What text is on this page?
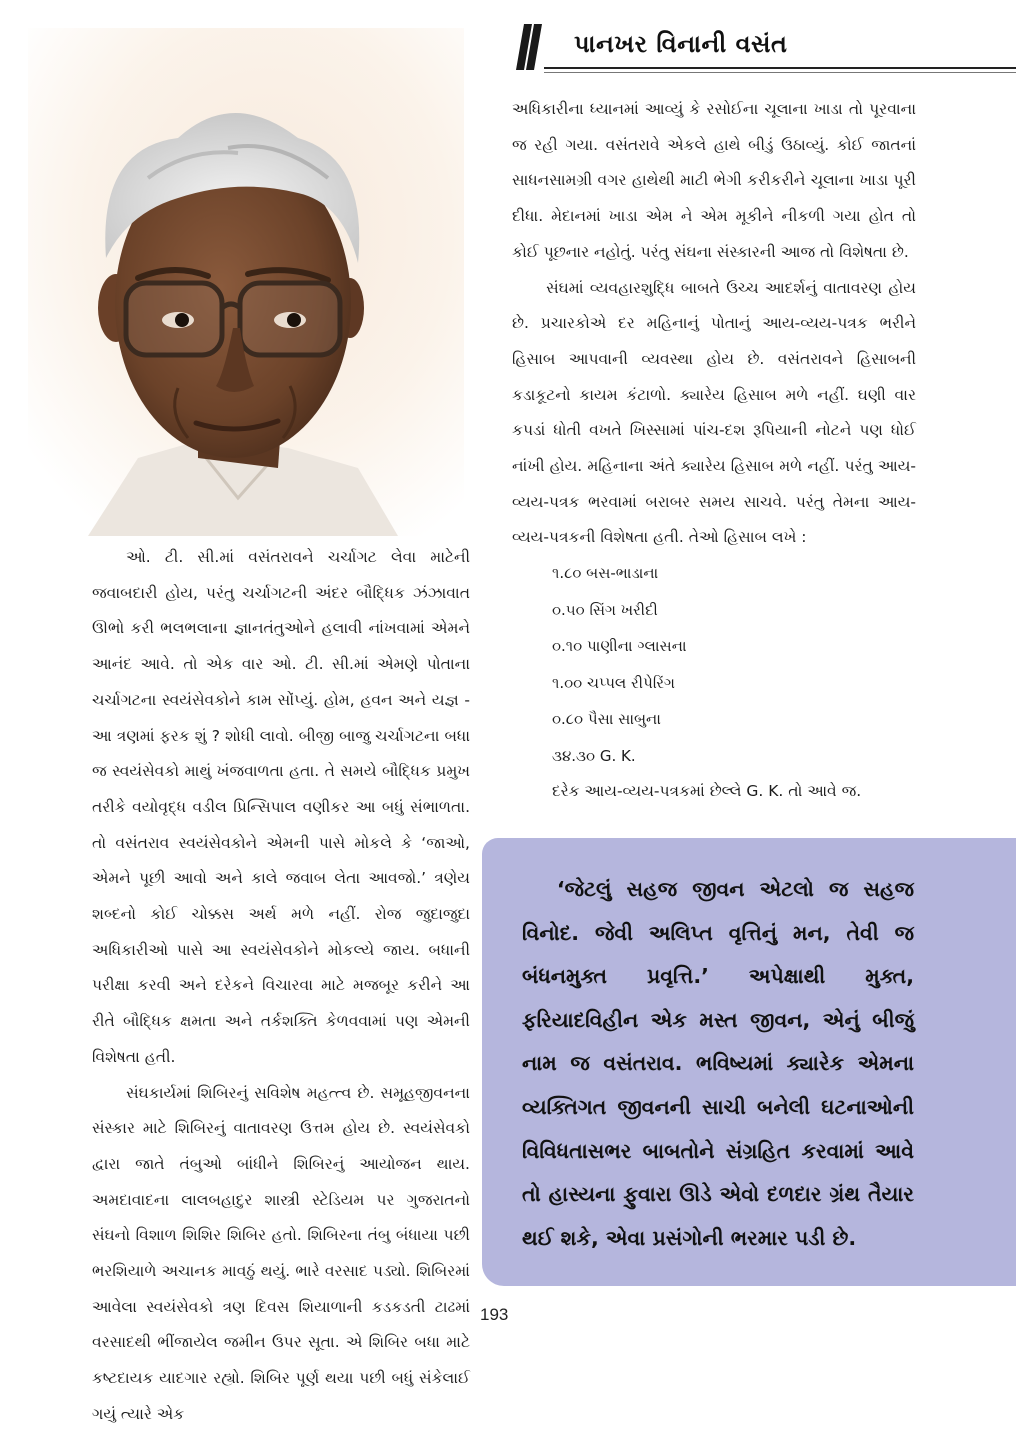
પાનખર વિનાની વસંત

અધિકારીના ધ્યાનમાં આવ્યું કે રસોઈના ચૂલાના ખાડા તો પૂરવાના જ રહી ગયા. વસંતરાવે એકલે હાથે બીડું ઉઠાવ્યું. કોઈ જાતનાં સાધનસામગ્રી વગર હાથેથી માટી ભેગી કરીકરીને ચૂલાના ખાડા પૂરી દીધા. મેદાનમાં ખાડા એમ ને એમ મૂકીને નીકળી ગયા હોત તો કોઈ પૂછનાર નહોતું. પરંતુ સંઘના સંસ્કારની આજ તો વિશેષતા છે.

સંઘમાં વ્યવહારશુદ્ધિ બાબતે ઉચ્ચ આદર્શનું વાતાવરણ હોય છે. પ્રચારકોએ દર મહિનાનું પોતાનું આય-વ્યય-પત્રક ભરીને હિસાબ આપવાની વ્યવસ્થા હોય છે. વસંતરાવને હિસાબની કડાકૂટનો કાયમ કંટાળો. ક્યારેય હિસાબ મળે નહીં. ઘણી વાર કપડાં ધોતી વખતે ખિસ્સામાં પાંચ-દશ રૂપિયાની નોટને પણ ધોઈ નાંખી હોય. મહિનાના અંતે ક્યારેય હિસાબ મળે નહીં. પરંતુ આય-વ્યય-પત્રક ભરવામાં બરાબર સમય સાચવે. પરંતુ તેમના આય-વ્યય-પત્રકની વિશેષતા હતી. તેઓ હિસાબ લખે :

૧.૮૦ બસ-ભાડાના
૦.૫૦ સિંગ ખરીદી
૦.૧૦ પાણીના ગ્લાસના
૧.૦૦ ચપ્પલ રીપેરિંગ
૦.૮૦ પૈસા સાબુના
૩૪.૩૦ G. K.
દરેક આય-વ્યય-પત્રકમાં છેલ્લે G. K. તો આવે જ.

ઓ. ટી. સી.માં વસંતરાવને ચર્ચાગટ લેવા માટેની જવાબદારી હોય, પરંતુ ચર્ચાગટની અંદર બૌદ્ધિક ઝંઝાવાત ઊભો કરી ભલભલાના જ્ઞાનતંતુઓને હલાવી નાંખવામાં એમને આનંદ આવે. તો એક વાર ઓ. ટી. સી.માં એમણે પોતાના ચર્ચાગટના સ્વયંસેવકોને કામ સોંપ્યું. હોમ, હવન અને યજ્ઞ - આ ત્રણમાં ફરક શું ? શોધી લાવો. બીજી બાજુ ચર્ચાગટના બધા જ સ્વયંસેવકો માથું ખંજવાળતા હતા. તે સમયે બૌદ્ધિક પ્રમુખ તરીકે વયોવૃદ્ધ વડીલ પ્રિન્સિપાલ વણીકર આ બધું સંભાળતા. તો વસંતરાવ સ્વયંસેવકોને એમની પાસે મોકલે કે ‘જાઓ, એમને પૂછી આવો અને કાલે જવાબ લેતા આવજો.’ ત્રણેય શબ્દનો કોઈ ચોક્કસ અર્થ મળે નહીં. રોજ જુદાજુદા અધિકારીઓ પાસે આ સ્વયંસેવકોને મોકલ્યે જાય. બધાની પરીક્ષા કરવી અને દરેકને વિચારવા માટે મજબૂર કરીને આ રીતે બૌદ્ધિક ક્ષમતા અને તર્કશક્તિ કેળવવામાં પણ એમની વિશેષતા હતી.

સંઘકાર્યમાં શિબિરનું સવિશેષ મહત્ત્વ છે. સમૂહજીવનના સંસ્કાર માટે શિબિરનું વાતાવરણ ઉત્તમ હોય છે. સ્વયંસેવકો દ્વારા જાતે તંબુઓ બાંધીને શિબિરનું આયોજન થાય. અમદાવાદના લાલબહાદુર શાસ્ત્રી સ્ટેડિયમ પર ગુજરાતનો સંઘનો વિશાળ શિશિર શિબિર હતો. શિબિરના તંબુ બંધાયા પછી ભરશિયાળે અચાનક માવઠું થયું. ભારે વરસાદ પડ્યો. શિબિરમાં આવેલા સ્વયંસેવકો ત્રણ દિવસ શિયાળાની કડકડતી ટાઢમાં વરસાદથી ભીંજાયેલ જમીન ઉપર સૂતા. એ શિબિર બધા માટે કષ્ટદાયક યાદગાર રહ્યો. શિબિર પૂર્ણ થયા પછી બધું સંકેલાઈ ગયું ત્યારે એક

‘જેટલું સહજ જીવન એટલો જ સહજ વિનોદ. જેવી અલિપ્ત વૃત્તિનું મન, તેવી જ બંધનમુક્ત પ્રવૃત્તિ.’ અપેક્ષાથી મુક્ત, ફરિયાદવિહીન એક મસ્ત જીવન, એનું બીજું નામ જ વસંતરાવ. ભવિષ્યમાં ક્યારેક એમના વ્યક્તિગત જીવનની સાચી બનેલી ઘટનાઓની વિવિધતાસભર બાબતોને સંગ્રહિત કરવામાં આવે તો હાસ્યના ફુવારા ઊડે એવો દળદાર ગ્રંથ તૈયાર થઈ શકે, એવા પ્રસંગોની ભરમાર પડી છે.
193
